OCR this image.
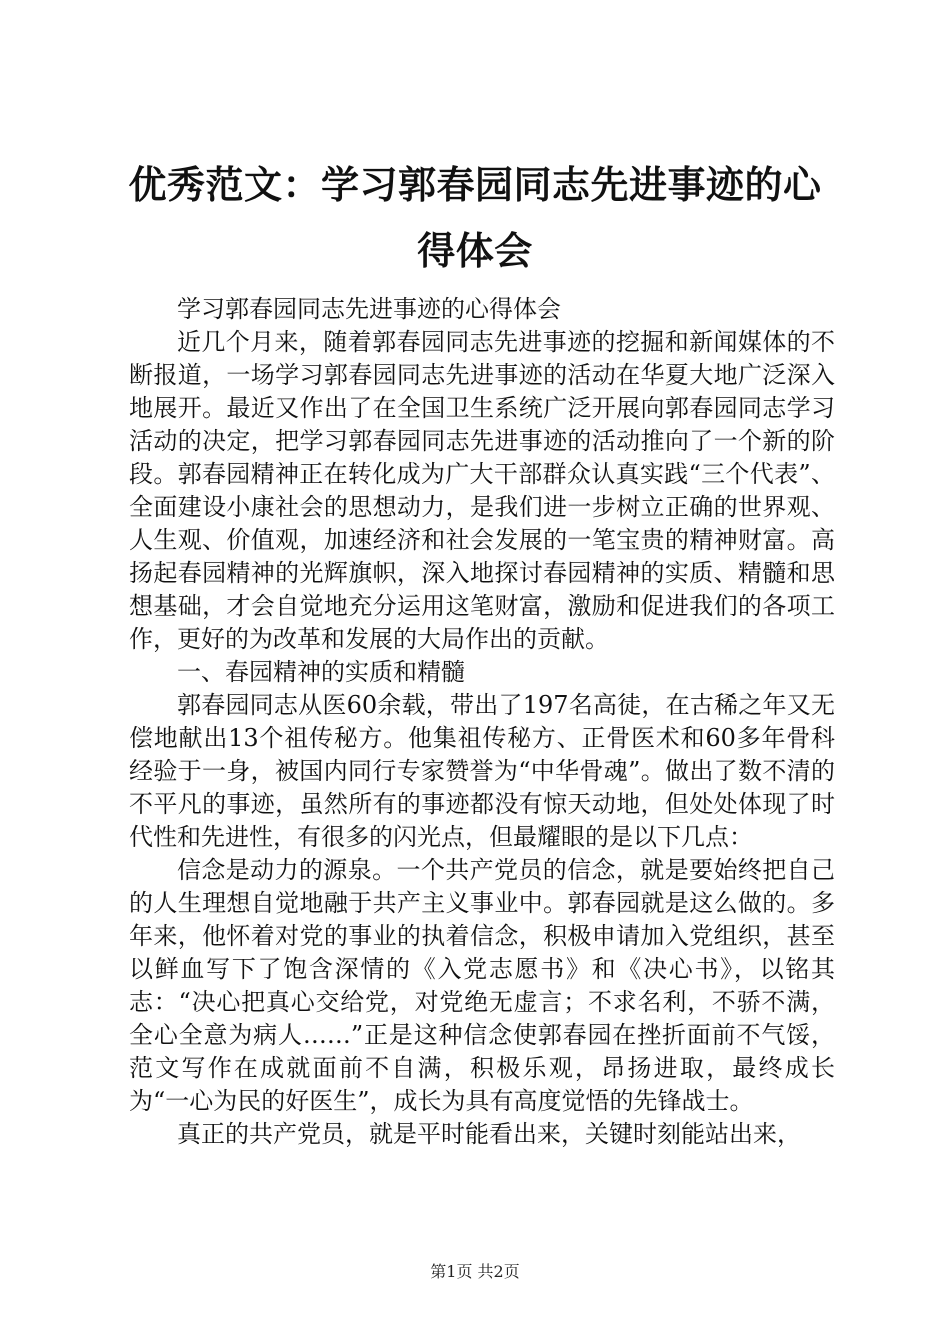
优秀范文：学习郭春园同志先进事迹的心得体会

学习郭春园同志先进事迹的心得体会

近几个月来，随着郭春园同志先进事迹的挖掘和新闻媒体的不断报道，一场学习郭春园同志先进事迹的活动在华夏大地广泛深入地展开。最近又作出了在全国卫生系统广泛开展向郭春园同志学习活动的决定，把学习郭春园同志先进事迹的活动推向了一个新的阶段。郭春园精神正在转化成为广大干部群众认真实践“三个代表”、全面建设小康社会的思想动力，是我们进一步树立正确的世界观、人生观、价值观，加速经济和社会发展的一笔宝贵的精神财富。高扬起春园精神的光辉旗帜，深入地探讨春园精神的实质、精髓和思想基础，才会自觉地充分运用这笔财富，激励和促进我们的各项工作，更好的为改革和发展的大局作出的贡献。

一、春园精神的实质和精髓

郭春园同志从医60余载，带出了197名高徒，在古稀之年又无偿地献出13个祖传秘方。他集祖传秘方、正骨医术和60多年骨科经验于一身，被国内同行专家赞誉为“中华骨魂”。做出了数不清的不平凡的事迹，虽然所有的事迹都没有惊天动地，但处处体现了时代性和先进性，有很多的闪光点，但最耀眼的是以下几点：

信念是动力的源泉。一个共产党员的信念，就是要始终把自己的人生理想自觉地融于共产主义事业中。郭春园就是这么做的。多年来，他怀着对党的事业的执着信念，积极申请加入党组织，甚至以鲜血写下了饱含深情的《入党志愿书》和《决心书》，以铭其志：“决心把真心交给党，对党绝无虚言；不求名利，不骄不满，全心全意为病人……”正是这种信念使郭春园在挫折面前不气馁，范文写作在成就面前不自满，积极乐观，昂扬进取，最终成长为“一心为民的好医生”，成长为具有高度觉悟的先锋战士。

真正的共产党员，就是平时能看出来，关键时刻能站出来，

第1页 共2页
